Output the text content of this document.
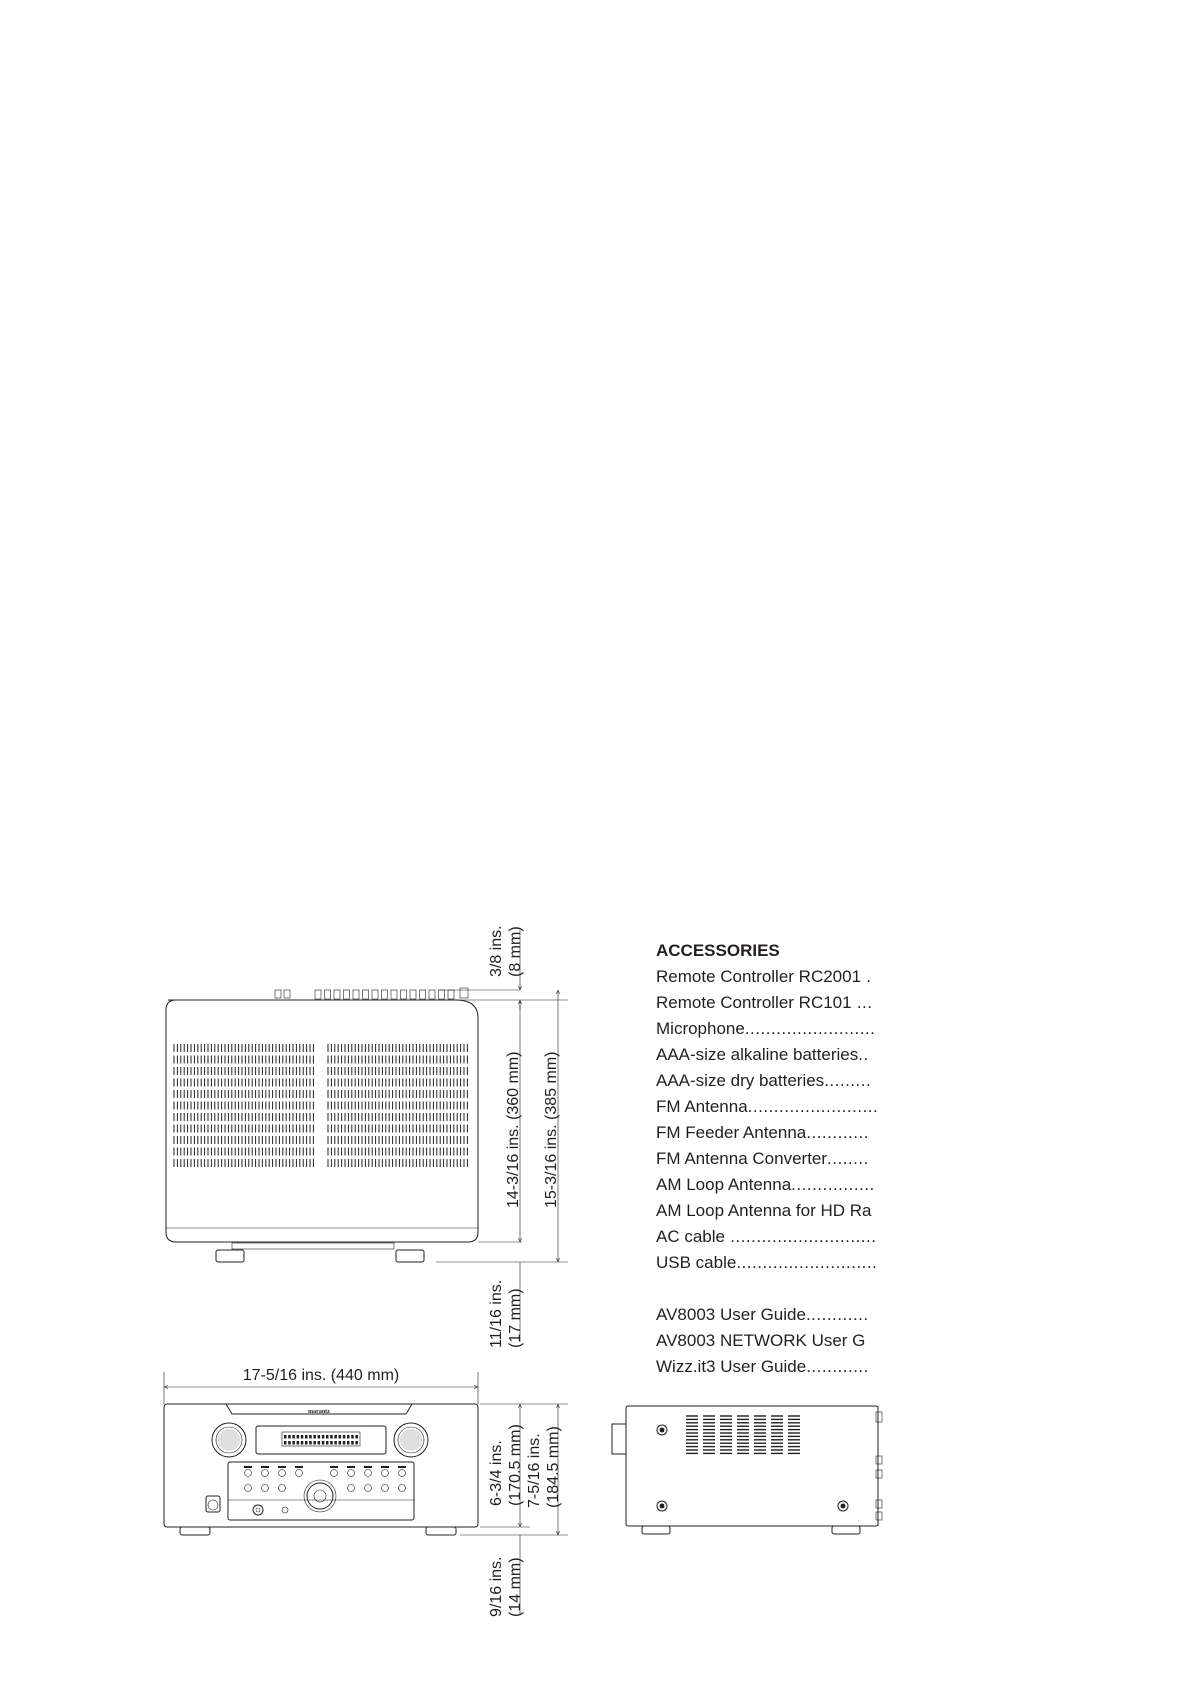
3/8 ins. (8 mm)
14-3/16 ins. (360 mm) 15-3/16 ins. (385 mm)
11/16 ins. (17 mm)
17-5/16 ins. (440 mm)
marantz
6-3/4 ins. (170.5 mm) 7-5/16 ins. (184.5 mm)
9/16 ins. (14 mm)
ACCESSORIES
Remote Controller RC2001 .
Remote Controller RC101 ...
Microphone.........................
AAA-size alkaline batteries..
AAA-size dry batteries.........
FM Antenna.........................
FM Feeder Antenna............
FM Antenna Converter........
AM Loop Antenna................
AM Loop Antenna for HD Ra
AC cable ............................
USB cable...........................
AV8003 User Guide............
AV8003 NETWORK User G
Wizz.it3 User Guide............
